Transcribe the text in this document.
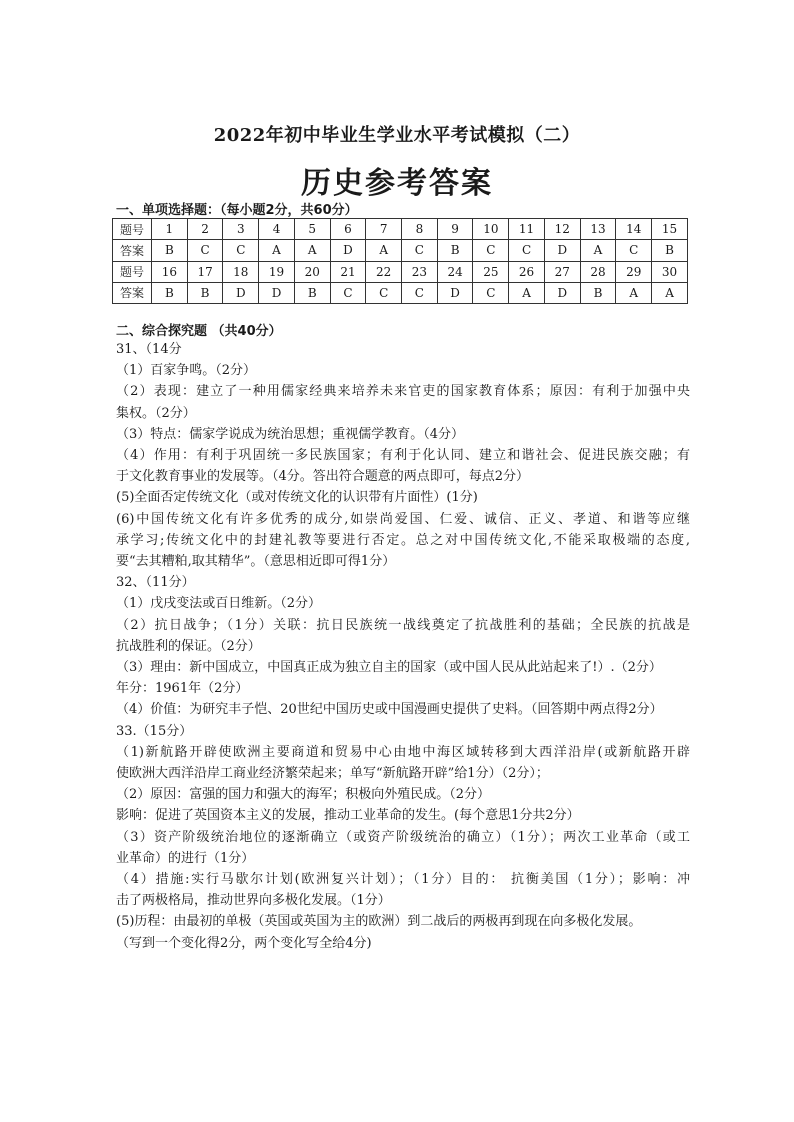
2022年初中毕业生学业水平考试模拟（二）
历史参考答案
一、单项选择题：（每小题2分，共60分）
题号	1	2	3	4	5	6	7	8	9	10	11	12	13	14	15
答案	B	C	C	A	A	D	A	C	B	C	C	D	A	C	B
题号	16	17	18	19	20	21	22	23	24	25	26	27	28	29	30
答案	B	B	D	D	B	C	C	C	D	C	A	D	B	A	A
二、综合探究题 （共40分）
31、（14分
（1）百家争鸣。（2分）
（2）表现：建立了一种用儒家经典来培养未来官吏的国家教育体系；原因：有利于加强中央
集权。（2分）
（3）特点：儒家学说成为统治思想；重视儒学教育。（4分）
（4）作用：有利于巩固统一多民族国家；有利于化认同、建立和谐社会、促进民族交融；有
于文化教育事业的发展等。（4分。答出符合题意的两点即可，每点2分）
(5)全面否定传统文化（或对传统文化的认识带有片面性）(1分)
(6)中国传统文化有许多优秀的成分,如崇尚爱国、仁爱、诚信、正义、孝道、和谐等应继
承学习;传统文化中的封建礼教等要进行否定。总之对中国传统文化,不能采取极端的态度,
要“去其糟粕,取其精华”。（意思相近即可得1分）
32、（11分）
（1）戊戌变法或百日维新。（2分）
（2）抗日战争；（1分）关联：抗日民族统一战线奠定了抗战胜利的基础；全民族的抗战是
抗战胜利的保证。（2分）
（3）理由：新中国成立，中国真正成为独立自主的国家（或中国人民从此站起来了!）.（2分）
年分：1961年（2分）
（4）价值：为研究丰子恺、20世纪中国历史或中国漫画史提供了史料。（回答期中两点得2分）
33.（15分）
（1)新航路开辟使欧洲主要商道和贸易中心由地中海区域转移到大西洋沿岸(或新航路开辟
使欧洲大西洋沿岸工商业经济繁荣起来；单写“新航路开辟”给1分）（2分）；
（2）原因：富强的国力和强大的海军；积极向外殖民成。（2分）
影响：促进了英国资本主义的发展，推动工业革命的发生。(每个意思1分共2分）
（3）资产阶级统治地位的逐渐确立（或资产阶级统治的确立）（1分）；两次工业革命（或工
业革命）的进行（1分）
（4）措施:实行马歇尔计划(欧洲复兴计划）；（1分）目的： 抗衡美国（1分）；影响：冲
击了两极格局，推动世界向多极化发展。（1分）
(5)历程：由最初的单极（英国或英国为主的欧洲）到二战后的两极再到现在向多极化发展。
（写到一个变化得2分，两个变化写全给4分)
